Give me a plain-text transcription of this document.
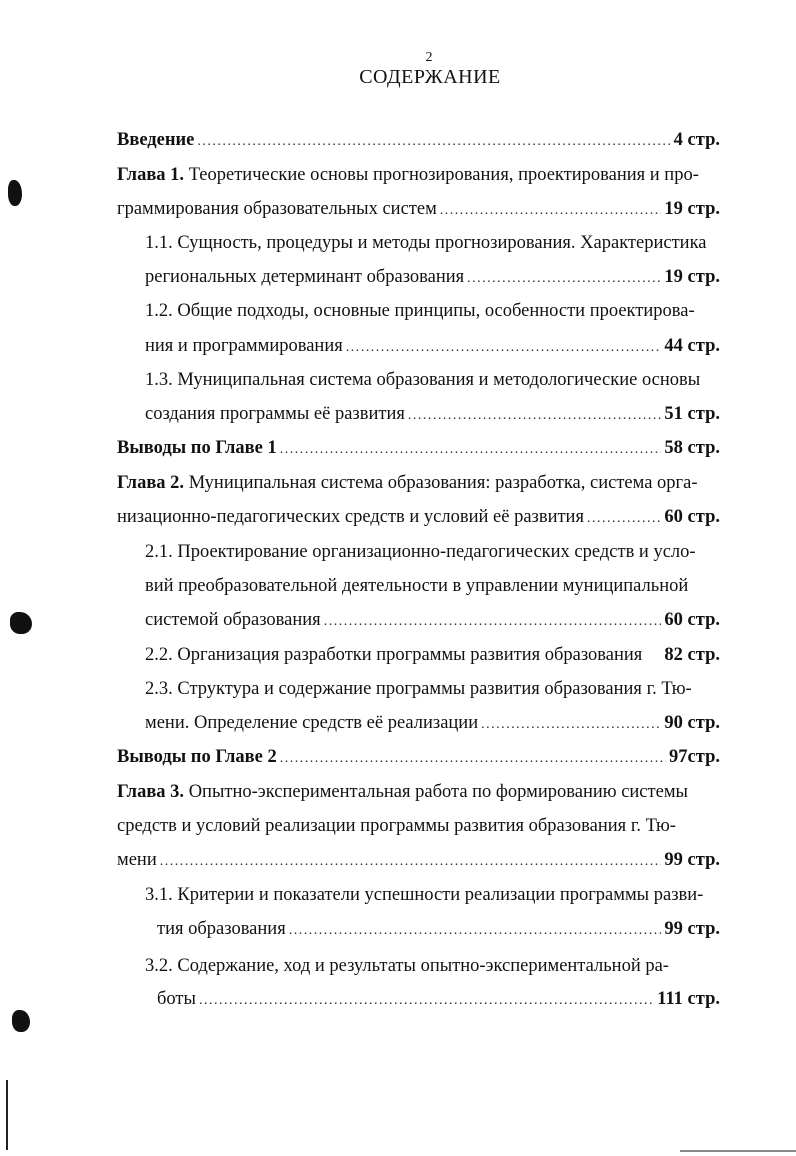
2
СОДЕРЖАНИЕ
Введение .....	4 стр.
Глава 1. Теоретические основы прогнозирования, проектирования и про-
граммирования образовательных систем .....	19 стр.
1.1. Сущность, процедуры и методы прогнозирования. Характеристика
региональных детерминант образования .....	19 стр.
1.2. Общие подходы, основные принципы, особенности проектирова-
ния и программирования .....	44 стр.
1.3. Муниципальная система образования и методологические основы
создания программы её развития .....	51 стр.
Выводы по Главе 1 .....	58 стр.
Глава 2. Муниципальная система образования: разработка, система орга-
низационно-педагогических средств и условий её развития .....	60 стр.
2.1. Проектирование организационно-педагогических средств и усло-
вий преобразовательной деятельности в управлении муниципальной
системой образования .....	60 стр.
2.2. Организация разработки программы развития образования 82 стр.
2.3. Структура и содержание программы развития образования г. Тю-
мени. Определение средств её реализации .....	90 стр.
Выводы по Главе 2 .....	97стр.
Глава 3. Опытно-экспериментальная работа по формированию системы
средств и условий реализации программы развития образования г. Тю-
мени .....	99 стр.
3.1. Критерии и показатели успешности реализации программы разви-
тия образования .....	99 стр.
3.2. Содержание, ход и результаты опытно-экспериментальной ра-
боты .....	111 стр.
